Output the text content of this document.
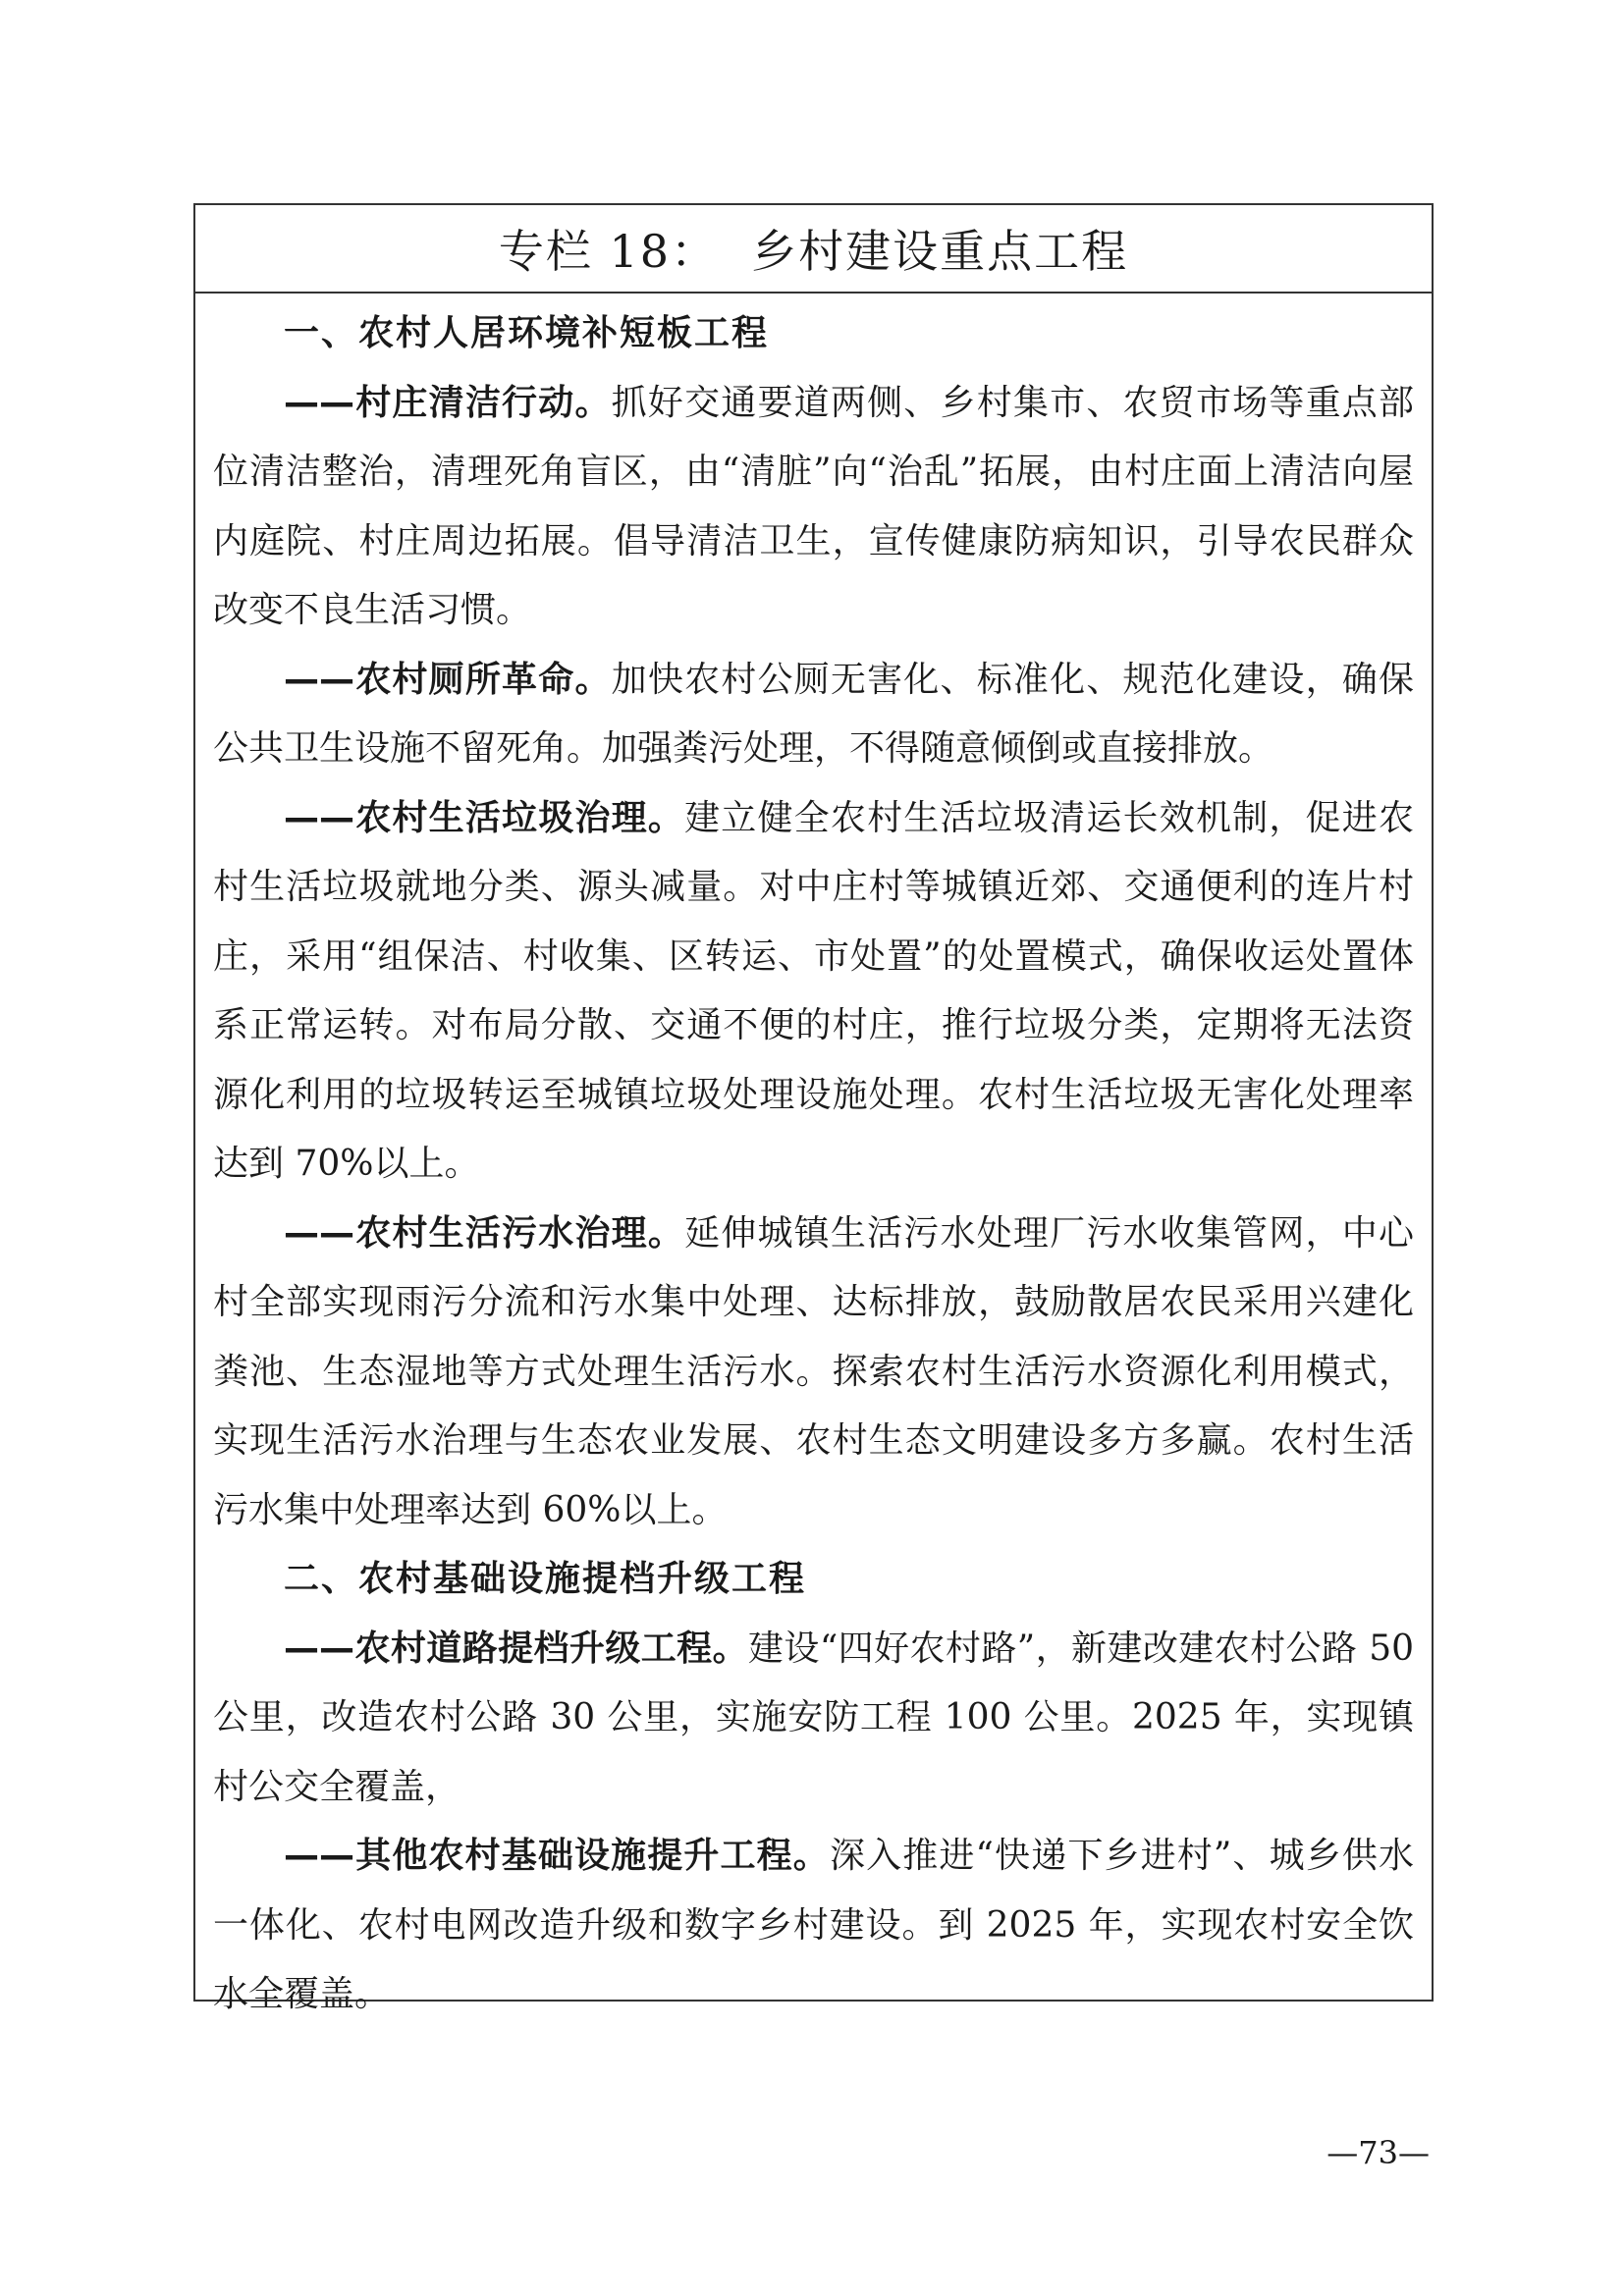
专栏 18： 乡村建设重点工程

一、农村人居环境补短板工程

——村庄清洁行动。抓好交通要道两侧、乡村集市、农贸市场等重点部位清洁整治，清理死角盲区，由“清脏”向“治乱”拓展，由村庄面上清洁向屋内庭院、村庄周边拓展。倡导清洁卫生，宣传健康防病知识，引导农民群众改变不良生活习惯。

——农村厕所革命。加快农村公厕无害化、标准化、规范化建设，确保公共卫生设施不留死角。加强粪污处理，不得随意倾倒或直接排放。

——农村生活垃圾治理。建立健全农村生活垃圾清运长效机制，促进农村生活垃圾就地分类、源头减量。对中庄村等城镇近郊、交通便利的连片村庄，采用“组保洁、村收集、区转运、市处置”的处置模式，确保收运处置体系正常运转。对布局分散、交通不便的村庄，推行垃圾分类，定期将无法资源化利用的垃圾转运至城镇垃圾处理设施处理。农村生活垃圾无害化处理率达到 70%以上。

——农村生活污水治理。延伸城镇生活污水处理厂污水收集管网，中心村全部实现雨污分流和污水集中处理、达标排放，鼓励散居农民采用兴建化粪池、生态湿地等方式处理生活污水。探索农村生活污水资源化利用模式，实现生活污水治理与生态农业发展、农村生态文明建设多方多赢。农村生活污水集中处理率达到 60%以上。

二、农村基础设施提档升级工程

——农村道路提档升级工程。建设“四好农村路”，新建改建农村公路 50 公里，改造农村公路 30 公里，实施安防工程 100 公里。2025 年，实现镇村公交全覆盖，

——其他农村基础设施提升工程。深入推进“快递下乡进村”、城乡供水一体化、农村电网改造升级和数字乡村建设。到 2025 年，实现农村安全饮水全覆盖。

—73—
